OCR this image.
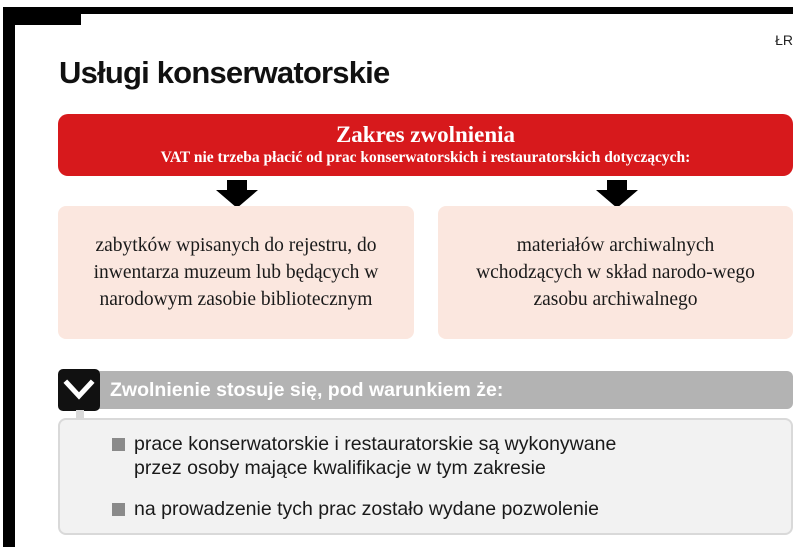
ŁR
Usługi konserwatorskie
Zakres zwolnienia
VAT nie trzeba płacić od prac konserwatorskich i restauratorskich dotyczących:
zabytków wpisanych do rejestru, do inwentarza muzeum lub będących w narodowym zasobie bibliotecznym
materiałów archiwalnych wchodzących w skład narodo-wego zasobu archiwalnego
Zwolnienie stosuje się, pod warunkiem że:
prace konserwatorskie i restauratorskie są wykonywane
przez osoby mające kwalifikacje w tym zakresie
na prowadzenie tych prac zostało wydane pozwolenie
